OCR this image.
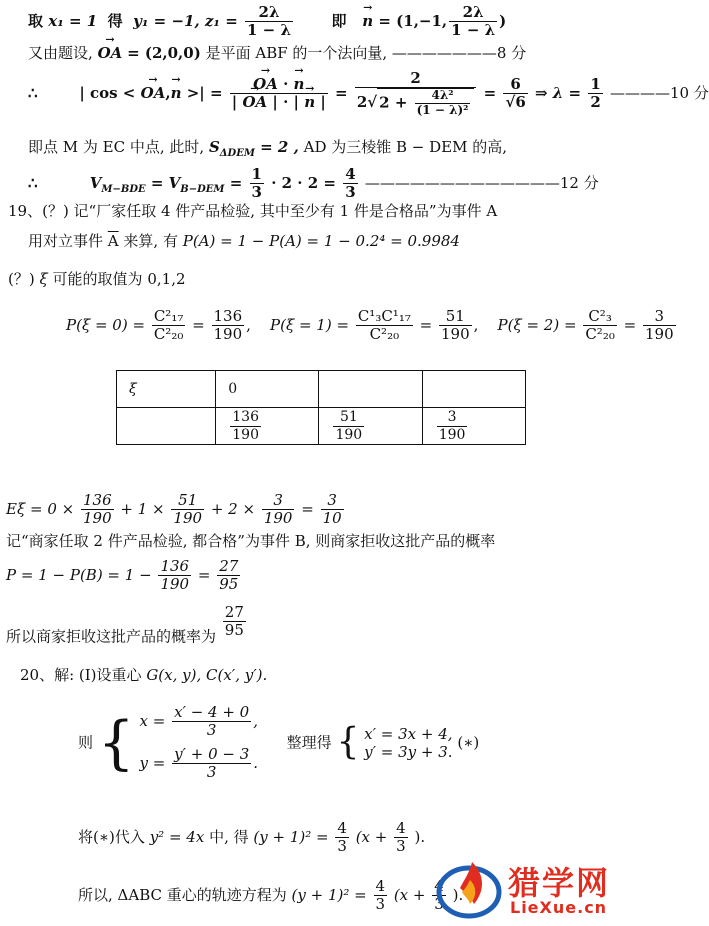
取 x₁ = 1 得 y₁ = −1, $z_1 = \frac{2\lambda}{1 - \lambda}$	即 → n = (1,−1, $\frac{2\lambda}{1 - \lambda}$ )
又由题设, → OA = (2,0,0) 是平面 ABF 的一个法向量, ———————8 分
∴	| cos < → OA,→ n >| = → $\frac{OA \cdot \to n}{| \to OA | \cdot | \to n |} = \frac{2}{2√ 2 + \frac{\text{4λ²}}{\text{(1 − λ)²}}} = \frac{6}{√6}$ ⇒ $\lambda = \frac{1}{2}$ ————10 分
即点 M 为 EC 中点, 此时, $S_{\Delta DEM} = 2$ , AD 为三棱锥 B − DEM 的高,
∴	$V_{M-BDE} = V_{B-DEM} = \frac{1}{3} \cdot 2 \cdot 2 = \frac{4}{3}$ —————————————12 分
19、(？) 记“厂家任取 4 件产品检验, 其中至少有 1 件是合格品”为事件 A
用对立事件 $\overline{A}$ 来算, 有 P(A) = 1 − P(A) = 1 − 0.2⁴ = 0.9984
(？) ξ 可能的取值为 0,1,2
$P(\xi = 0) = \frac{\text{C²₁₇}}{\text{C²₂₀}} = \frac{136}{190}$ , $P(\xi = 1) = \frac{\text{C¹₃C¹₁₇}}{\text{C²₂₀}} = \frac{51}{190}$ , $P(\xi = 2) = \frac{\text{C²₃}}{\text{C²₂₀}} = \frac{3}{190}$
ξ	0		

	$\frac{136}{190}$	$\frac{51}{190}$	$\frac{3}{190}$
$E\xi = 0 \times \frac{136}{190} + 1 \times \frac{51}{190} + 2 \times \frac{3}{190} = \frac{3}{10}$
记“商家任取 2 件产品检验, 都合格”为事件 B, 则商家拒收这批产品的概率
$P = 1 - P(B) = 1 - \frac{136}{190} = \frac{27}{95}$
所以商家拒收这批产品的概率为 $\frac{27}{95}$
20、解: (Ⅰ)设重心 G(x, y), C(x′, y′).
则 { $x = \frac{x' - 4 + 0}{3}$ ,
$y = \frac{y' + 0 - 3}{3}$ .
整理得 { x′ = 3x + 4,
y′ = 3y + 3. (∗)
将(∗)代入 y² = 4x 中, 得 $(y + 1)^2 = \frac{4}{3} (x + \frac{4}{3}$ ).
所以, ΔABC 重心的轨迹方程为 $(y + 1)^2 = \frac{4}{3} (x + \frac{4}{3}$ ). 猎学网
LieXue.cn
